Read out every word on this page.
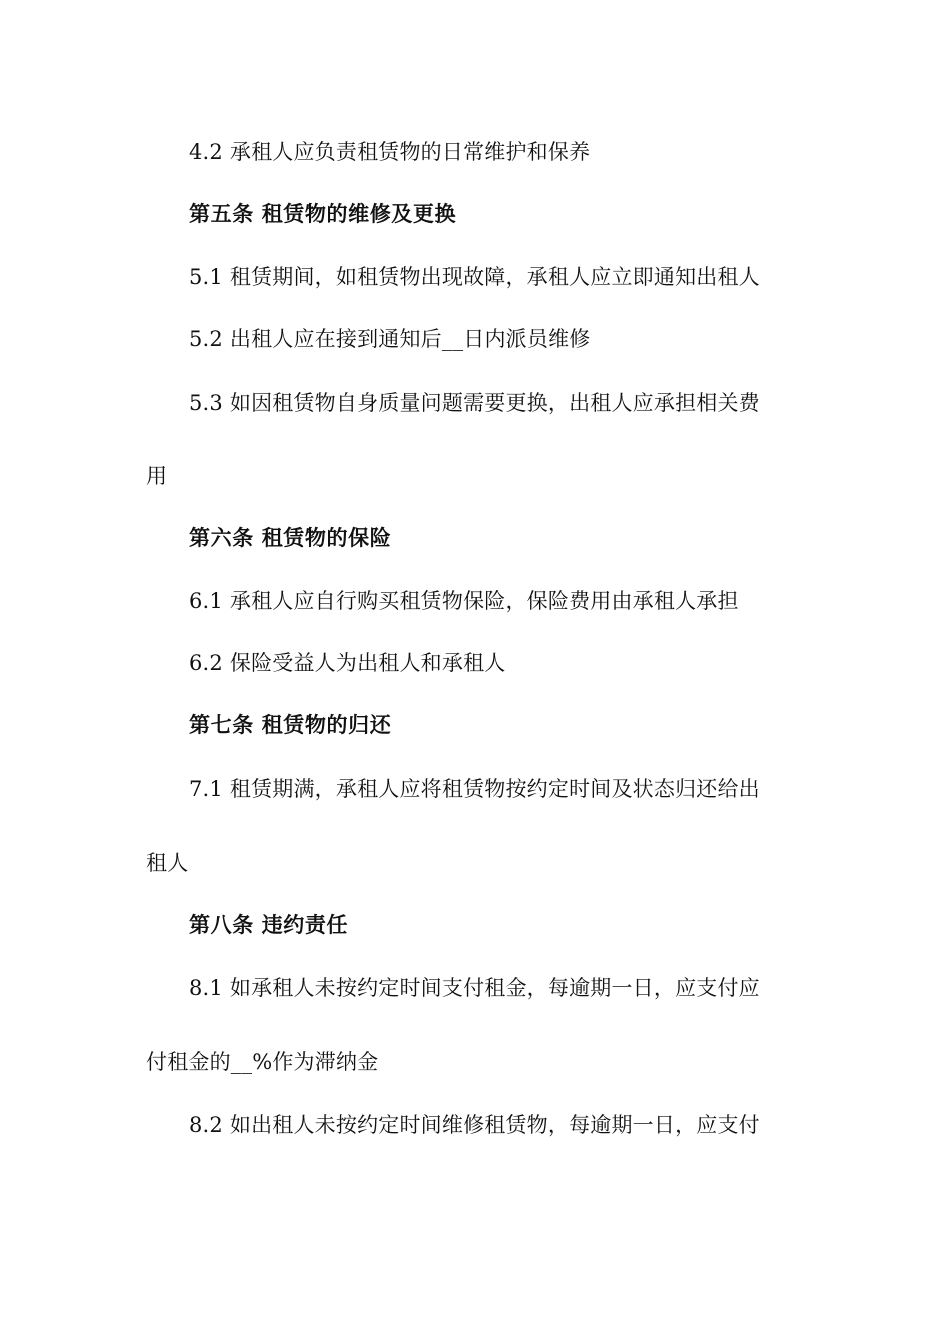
4.2 承租人应负责租赁物的日常维护和保养
第五条 租赁物的维修及更换
5.1 租赁期间，如租赁物出现故障，承租人应立即通知出租人
5.2 出租人应在接到通知后__日内派员维修
5.3 如因租赁物自身质量问题需要更换，出租人应承担相关费
用
第六条 租赁物的保险
6.1 承租人应自行购买租赁物保险，保险费用由承租人承担
6.2 保险受益人为出租人和承租人
第七条 租赁物的归还
7.1 租赁期满，承租人应将租赁物按约定时间及状态归还给出
租人
第八条 违约责任
8.1 如承租人未按约定时间支付租金，每逾期一日，应支付应
付租金的__%作为滞纳金
8.2 如出租人未按约定时间维修租赁物，每逾期一日，应支付
